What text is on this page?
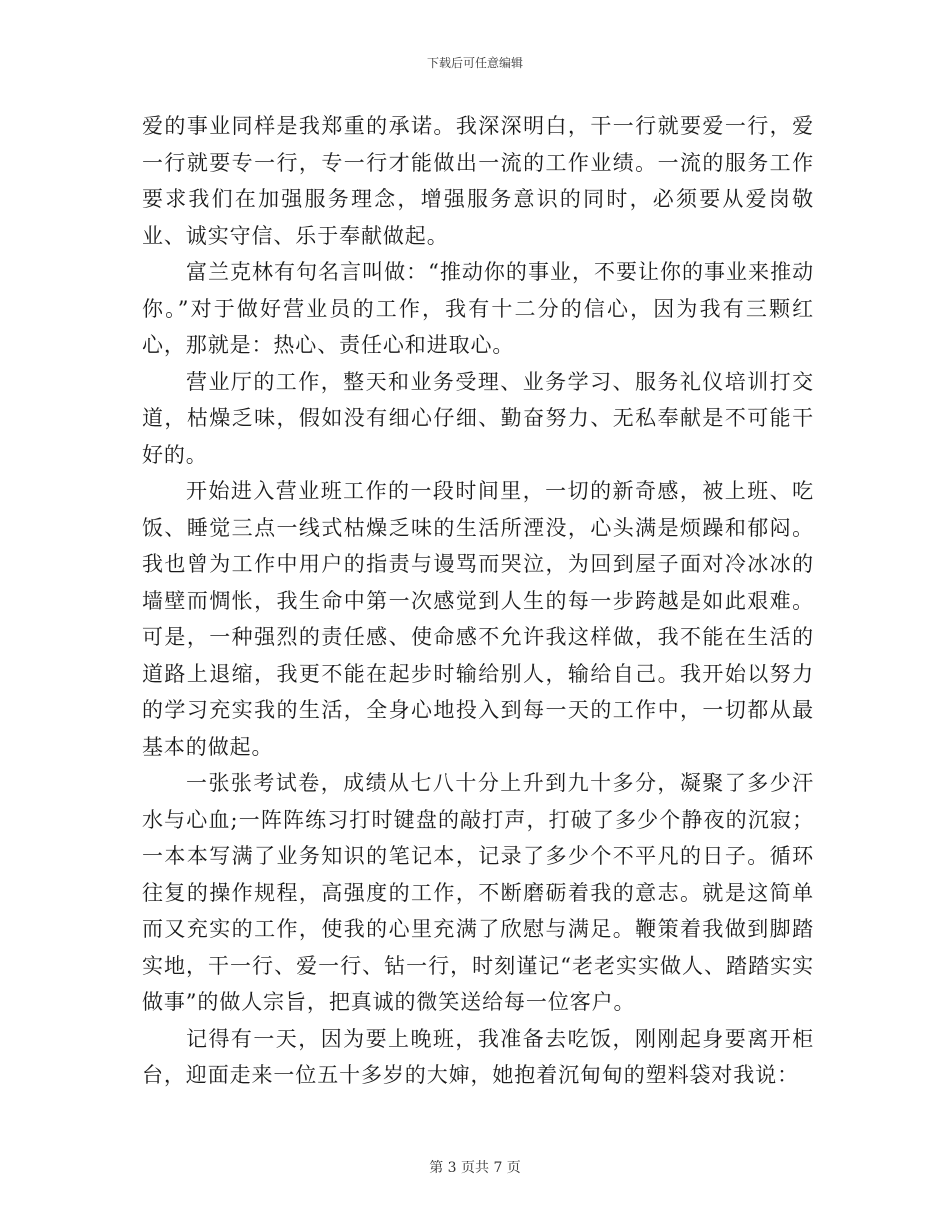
下载后可任意编辑

爱的事业同样是我郑重的承诺。我深深明白，干一行就要爱一行，爱一行就要专一行，专一行才能做出一流的工作业绩。一流的服务工作要求我们在加强服务理念，增强服务意识的同时，必须要从爱岗敬业、诚实守信、乐于奉献做起。

富兰克林有句名言叫做：“推动你的事业，不要让你的事业来推动你。”对于做好营业员的工作，我有十二分的信心，因为我有三颗红心，那就是：热心、责任心和进取心。

营业厅的工作，整天和业务受理、业务学习、服务礼仪培训打交道，枯燥乏味，假如没有细心仔细、勤奋努力、无私奉献是不可能干好的。

开始进入营业班工作的一段时间里，一切的新奇感，被上班、吃饭、睡觉三点一线式枯燥乏味的生活所湮没，心头满是烦躁和郁闷。我也曾为工作中用户的指责与谩骂而哭泣，为回到屋子面对冷冰冰的墙壁而惆怅，我生命中第一次感觉到人生的每一步跨越是如此艰难。可是，一种强烈的责任感、使命感不允许我这样做，我不能在生活的道路上退缩，我更不能在起步时输给别人，输给自己。我开始以努力的学习充实我的生活，全身心地投入到每一天的工作中，一切都从最基本的做起。

一张张考试卷，成绩从七八十分上升到九十多分，凝聚了多少汗水与心血;一阵阵练习打时键盘的敲打声，打破了多少个静夜的沉寂；一本本写满了业务知识的笔记本，记录了多少个不平凡的日子。循环往复的操作规程，高强度的工作，不断磨砺着我的意志。就是这简单而又充实的工作，使我的心里充满了欣慰与满足。鞭策着我做到脚踏实地，干一行、爱一行、钻一行，时刻谨记“老老实实做人、踏踏实实做事”的做人宗旨，把真诚的微笑送给每一位客户。

记得有一天，因为要上晚班，我准备去吃饭，刚刚起身要离开柜台，迎面走来一位五十多岁的大婶，她抱着沉甸甸的塑料袋对我说：

第 3 页共 7 页
